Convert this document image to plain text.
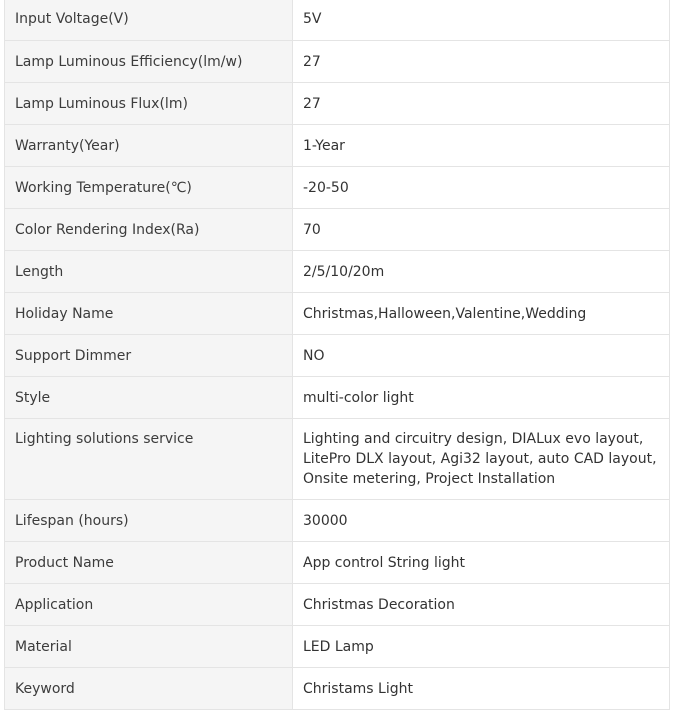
Input Voltage(V)	5V
Lamp Luminous Efficiency(lm/w)	27
Lamp Luminous Flux(lm)	27
Warranty(Year)	1-Year
Working Temperature(℃)	-20-50
Color Rendering Index(Ra)	70
Length	2/5/10/20m
Holiday Name	Christmas,Halloween,Valentine,Wedding
Support Dimmer	NO
Style	multi-color light
Lighting solutions service	Lighting and circuitry design, DIALux evo layout, LitePro DLX layout, Agi32 layout, auto CAD layout, Onsite metering, Project Installation
Lifespan (hours)	30000
Product Name	App control String light
Application	Christmas Decoration
Material	LED Lamp
Keyword	Christams Light
